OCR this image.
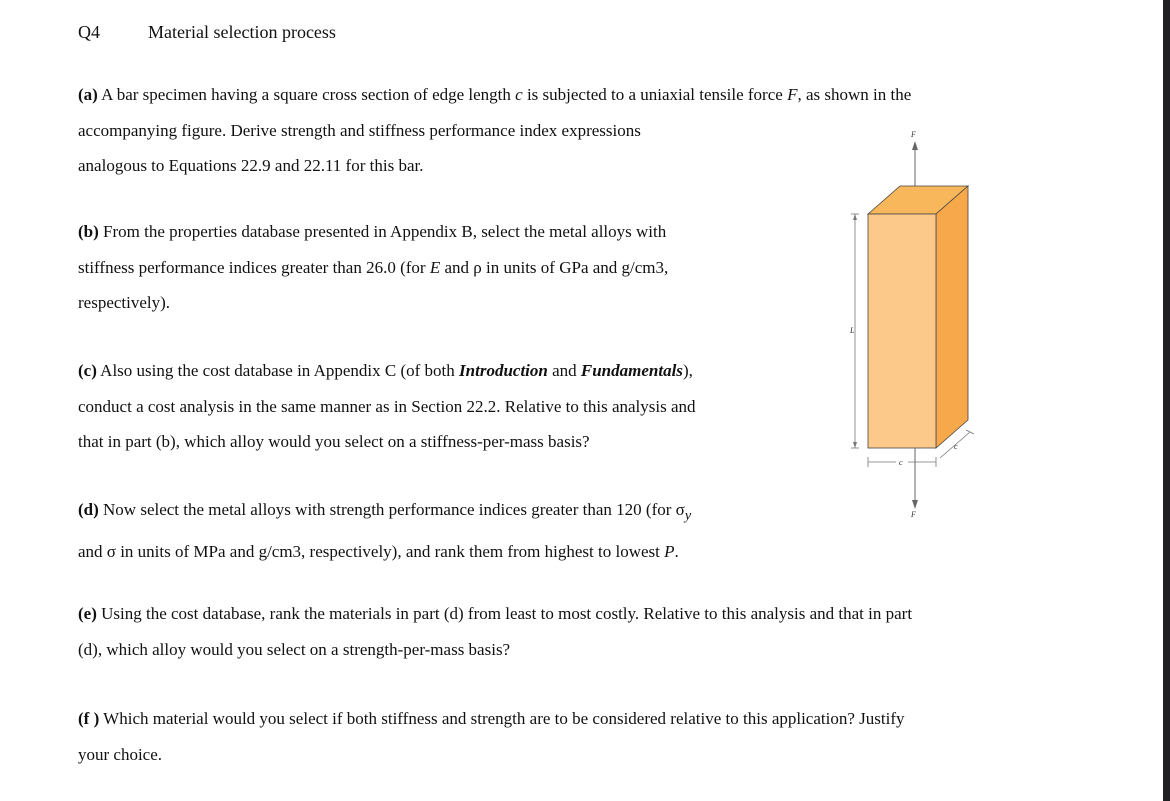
Q4	Material selection process
(a) A bar specimen having a square cross section of edge length c is subjected to a uniaxial tensile force F, as shown in the
accompanying figure. Derive strength and stiffness performance index expressions
analogous to Equations 22.9 and 22.11 for this bar.
(b) From the properties database presented in Appendix B, select the metal alloys with
stiffness performance indices greater than 26.0 (for E and ρ in units of GPa and g/cm3,
respectively).
(c) Also using the cost database in Appendix C (of both Introduction and Fundamentals),
conduct a cost analysis in the same manner as in Section 22.2. Relative to this analysis and
that in part (b), which alloy would you select on a stiffness-per-mass basis?
(d) Now select the metal alloys with strength performance indices greater than 120 (for $\sigma_y$
and σ in units of MPa and g/cm3, respectively), and rank them from highest to lowest P.
(e) Using the cost database, rank the materials in part (d) from least to most costly. Relative to this analysis and that in part
(d), which alloy would you select on a strength-per-mass basis?
(f ) Which material would you select if both stiffness and strength are to be considered relative to this application? Justify
your choice.
F
L
c
c
F
